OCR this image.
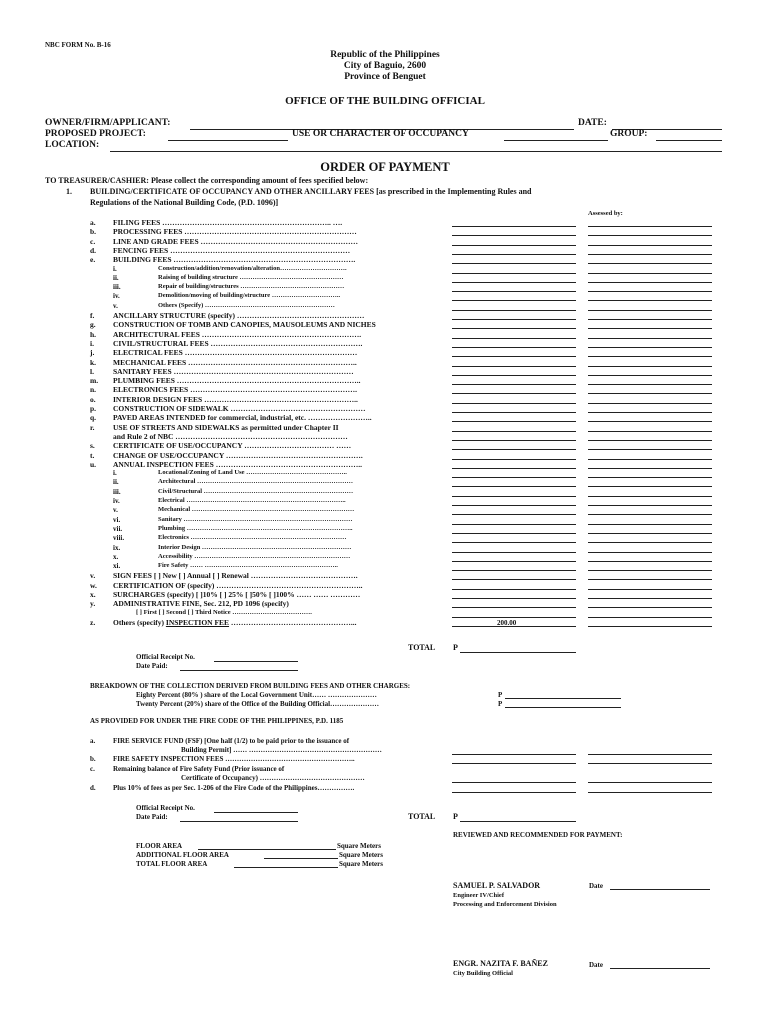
NBC FORM No. B-16
Republic of the Philippines
City of Baguio, 2600
Province of Benguet
OFFICE OF THE BUILDING OFFICIAL
OWNER/FIRM/APPLICANT:	DATE:
PROPOSED PROJECT:	USE OR CHARACTER OF OCCUPANCY	GROUP:
LOCATION:
ORDER OF PAYMENT
TO TREASURER/CASHIER: Please collect the corresponding amount of fees specified below:
1. BUILDING/CERTIFICATE OF OCCUPANCY AND OTHER ANCILLARY FEES [as prescribed in the Implementing Rules and
Regulations of the National Building Code, (P.D. 1096)]
Assessed by:
a.	FILING FEES ………………………………………………………….. ….
b.	PROCESSING FEES ……………………………………………………………
c.	LINE AND GRADE FEES ………………………………………………………
d.	FENCING FEES ………………………………………………………………
e.	BUILDING FEES ……………………………………………………………….
i.	Construction/addition/renovation/alteration………………………….
ii.	Raising of building structure …………………………………………
iii.	Repair of building/structures …………………………………………
iv.	Demolition/moving of building/structure …………………………..
v.	Others (Specify) ……………………………………………………
f.	ANCILLARY STRUCTURE (specify) ……………………………………………
g.	CONSTRUCTION OF TOMB AND CANOPIES, MAUSOLEUMS AND NICHES
h.	ARCHITECTURAL FEES ……………………………………………………….
i.	CIVIL/STRUCTURAL FEES …………………………………………………….
j.	ELECTRICAL FEES ……………………………………………………………
k.	MECHANICAL FEES …………………………………………………………..
l.	SANITARY FEES ………………………………………………………………
m.	PLUMBING FEES ………………………………………………………………..
n.	ELECTRONICS FEES ………………………………………………………….
o.	INTERIOR DESIGN FEES ……………………………………………………..
p.	CONSTRUCTION OF SIDEWALK ………………………………………………
q.	PAVED AREAS INTENDED for commercial, industrial, etc. ……………………..
r.	USE OF STREETS AND SIDEWALKS as permitted under Chapter II
and Rule 2 of NBC ……………………………………………………………
s.	CERTIFICATE OF USE/OCCUPANCY ……………………………… ……
t.	CHANGE OF USE/OCCUPANCY ……………………………………………….
u.	ANNUAL INSPECTION FEES …………………………………………………..
i.	Locational/Zoning of Land Use ………………………………………..
ii.	Architectural ………………………………………………………………
iii.	Civil/Structural ……………………………………………………………
iv.	Electrical ………………………………………………………………..
v.	Mechanical …………………………………………………………………
vi.	Sanitary ……………………………………………………………………
vii.	Plumbing …………………………………………………………………..
viii.	Electronics ………………………………………………………………
ix.	Interior Design ……………………………………………………………
x.	Accessibility ………………………………………………………………
xi.	Fire Safety …… ……………………………………………………..
v.	SIGN FEES [ ] New [ ] Annual [ ] Renewal …………………………………….
w.	CERTIFICATION OF (specify) …………………………………………………..
x.	SURCHARGES (specify) [ ]10% [ ] 25% [ ]50% [ ]100% …… …… …………
y.	ADMINISTRATIVE FINE, Sec. 212, PD 1096 (specify)
[ ] First [ ] Second [ ] Third Notice ……………………………….
z.	Others (specify) INSPECTION FEE …………………………………………...	200.00
TOTAL P
Official Receipt No.
Date Paid:
BREAKDOWN OF THE COLLECTION DERIVED FROM BUILDING FEES AND OTHER CHARGES:
Eighty Percent (80% ) share of the Local Government Unit…… …………………	P
Twenty Percent (20%) share of the Office of the Building Official…………………	P
AS PROVIDED FOR UNDER THE FIRE CODE OF THE PHILIPPINES, P.D. 1185
a.	FIRE SERVICE FUND (FSF) [One half (1/2) to be paid prior to the issuance of
Building Permit] …… …………………………………………………
b.	FIRE SAFETY INSPECTION FEES ………………………………………………..
c.	Remaining balance of Fire Safety Fund (Prior issuance of
Certificate of Occupancy) ………………………………………
d.	Plus 10% of fees as per Sec. 1-206 of the Fire Code of the Philippines…………….
TOTAL P
Official Receipt No.
Date Paid:
REVIEWED AND RECOMMENDED FOR PAYMENT:
FLOOR AREA	Square Meters
ADDITIONAL FLOOR AREA	Square Meters
TOTAL FLOOR AREA	Square Meters
SAMUEL P. SALVADOR	Date
Engineer IV/Chief
Processing and Enforcement Division
ENGR. NAZITA F. BAÑEZ	Date
City Building Official
